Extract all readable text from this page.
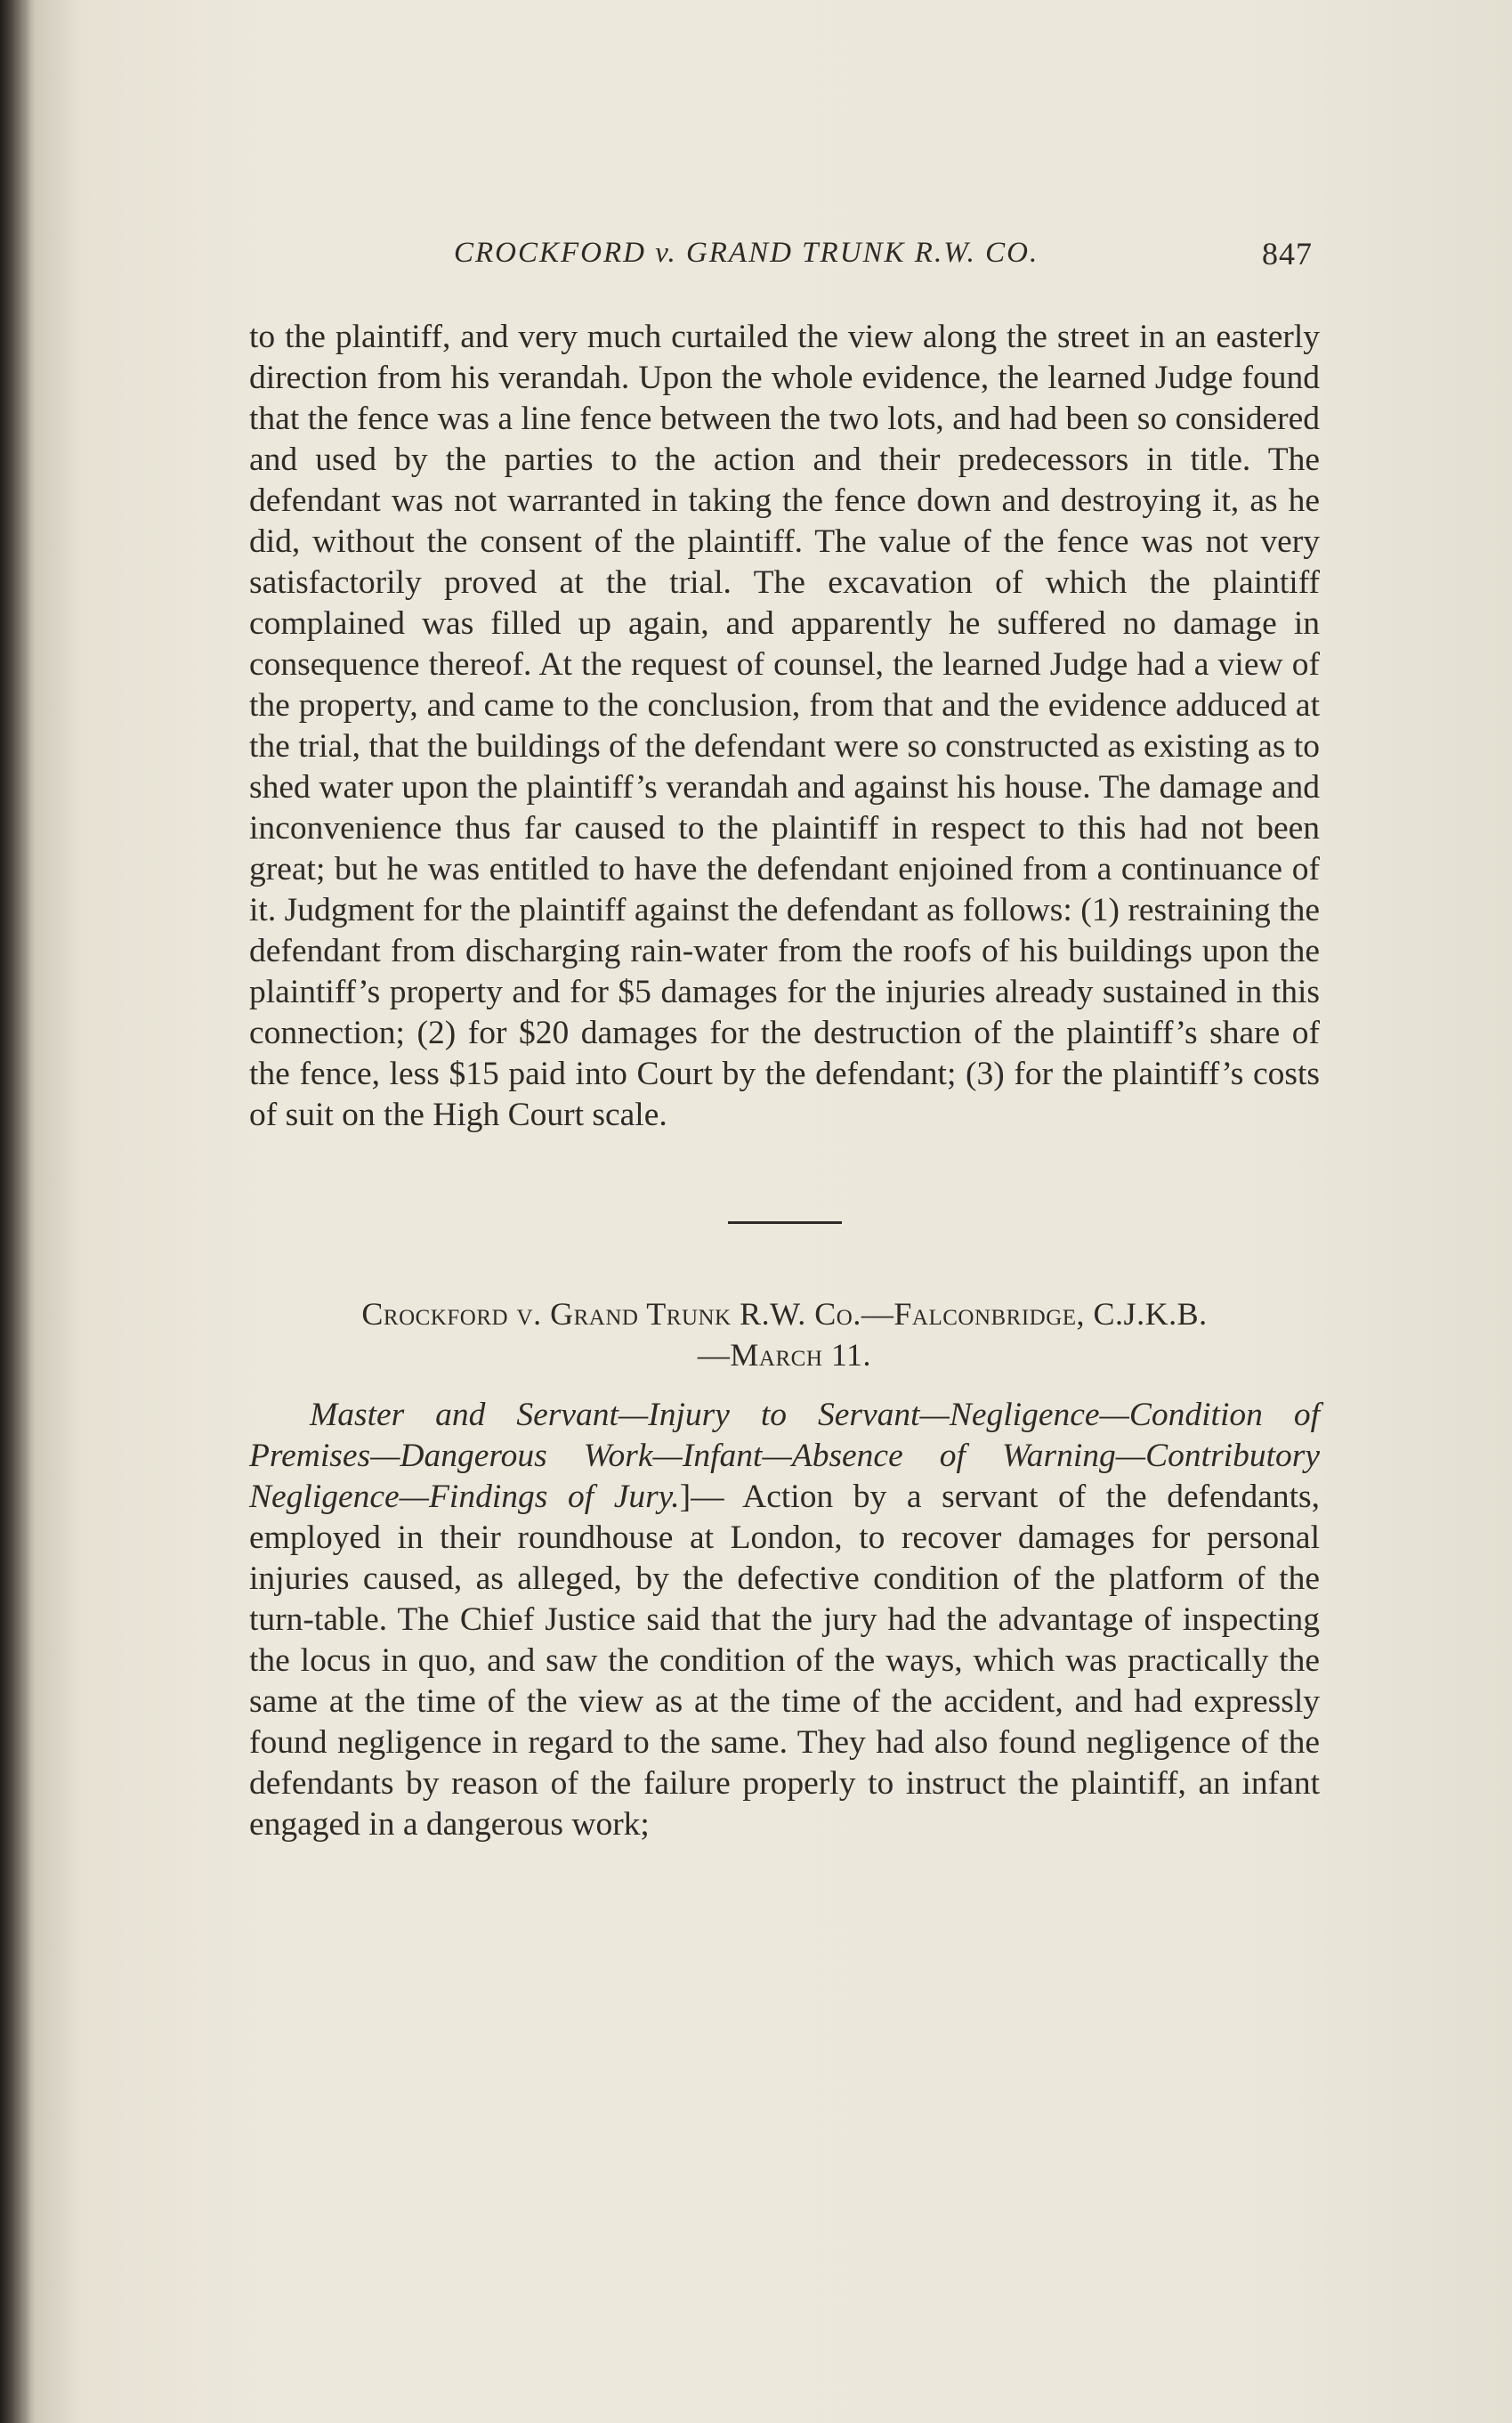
CROCKFORD v. GRAND TRUNK R.W. CO.	847

to the plaintiff, and very much curtailed the view along the street in an easterly direction from his verandah. Upon the whole evidence, the learned Judge found that the fence was a line fence between the two lots, and had been so considered and used by the parties to the action and their predecessors in title. The defendant was not warranted in taking the fence down and destroying it, as he did, without the consent of the plaintiff. The value of the fence was not very satisfactorily proved at the trial. The excavation of which the plaintiff complained was filled up again, and apparently he suffered no damage in consequence thereof. At the request of counsel, the learned Judge had a view of the property, and came to the conclusion, from that and the evidence adduced at the trial, that the buildings of the defendant were so constructed as existing as to shed water upon the plaintiff’s verandah and against his house. The damage and inconvenience thus far caused to the plaintiff in respect to this had not been great; but he was entitled to have the defendant enjoined from a continuance of it. Judgment for the plaintiff against the defendant as follows: (1) restraining the defendant from discharging rain-water from the roofs of his buildings upon the plaintiff’s property and for $5 damages for the injuries already sustained in this connection; (2) for $20 damages for the destruction of the plaintiff’s share of the fence, less $15 paid into Court by the defendant; (3) for the plaintiff’s costs of suit on the High Court scale.

Crockford v. Grand Trunk R.W. Co.—Falconbridge, C.J.K.B.
—March 11.

Master and Servant—Injury to Servant—Negligence—Condition of Premises—Dangerous Work—Infant—Absence of Warning—Contributory Negligence—Findings of Jury.]— Action by a servant of the defendants, employed in their roundhouse at London, to recover damages for personal injuries caused, as alleged, by the defective condition of the platform of the turn-table. The Chief Justice said that the jury had the advantage of inspecting the locus in quo, and saw the condition of the ways, which was practically the same at the time of the view as at the time of the accident, and had expressly found negligence in regard to the same. They had also found negligence of the defendants by reason of the failure properly to instruct the plaintiff, an infant engaged in a dangerous work;
